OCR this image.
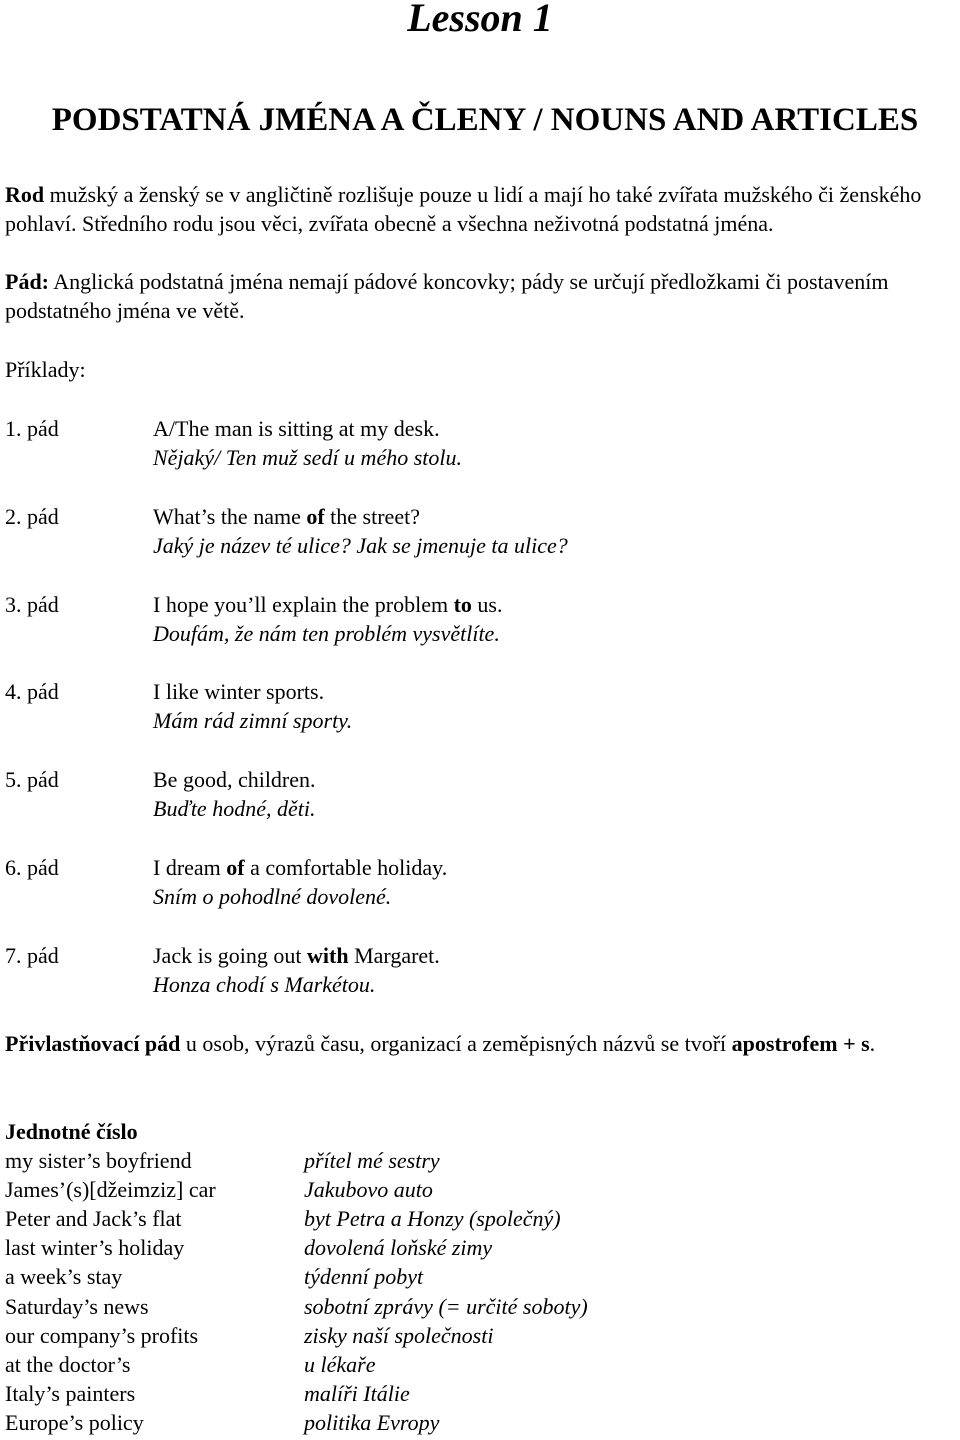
Lesson 1
PODSTATNÁ JMÉNA A ČLENY / NOUNS AND ARTICLES

Rod mužský a ženský se v angličtině rozlišuje pouze u lidí a mají ho také zvířata mužského či ženského pohlaví. Středního rodu jsou věci, zvířata obecně a všechna neživotná podstatná jména.

Pád: Anglická podstatná jména nemají pádové koncovky; pády se určují předložkami či postavením podstatného jména ve větě.

Příklady:
1. pád	A/The man is sitting at my desk.
Nějaký/ Ten muž sedí u mého stolu.
2. pád	What’s the name of the street?
Jaký je název té ulice? Jak se jmenuje ta ulice?
3. pád	I hope you’ll explain the problem to us.
Doufám, že nám ten problém vysvětlíte.
4. pád	I like winter sports.
Mám rád zimní sporty.
5. pád	Be good, children.
Buďte hodné, děti.
6. pád	I dream of a comfortable holiday.
Sním o pohodlné dovolené.
7. pád	Jack is going out with Margaret.
Honza chodí s Markétou.

Přivlastňovací pád u osob, výrazů času, organizací a zeměpisných názvů se tvoří apostrofem + s.

Jednotné číslo
my sister’s boyfriend	přítel mé sestry
James’(s)[džeimziz] car	Jakubovo auto
Peter and Jack’s flat	byt Petra a Honzy (společný)
last winter’s holiday	dovolená loňské zimy
a week’s stay	týdenní pobyt
Saturday’s news	sobotní zprávy (= určité soboty)
our company’s profits	zisky naší společnosti
at the doctor’s	u lékaře
Italy’s painters	malíři Itálie
Europe’s policy	politika Evropy
